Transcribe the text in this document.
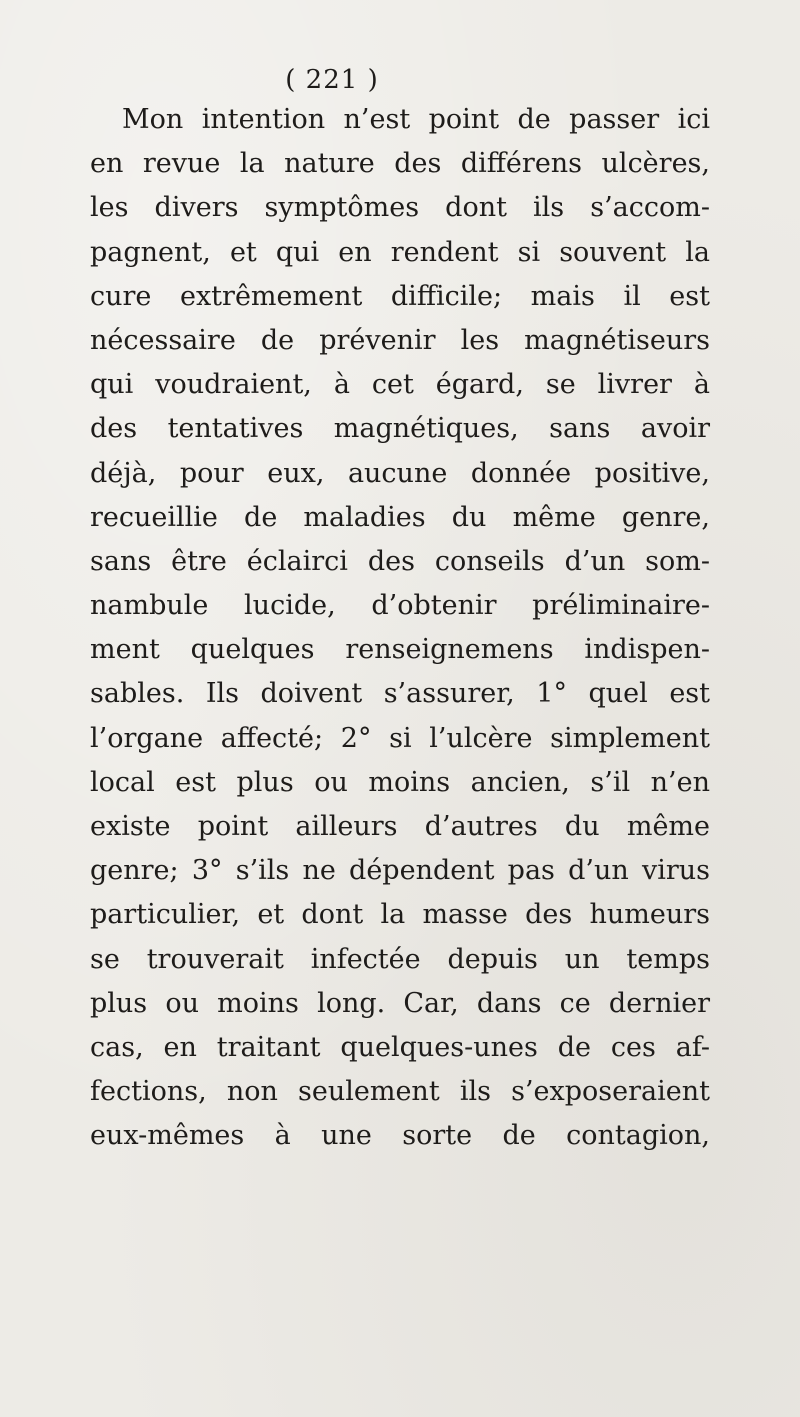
( 221 )
Mon intention n’est point de passer ici
en revue la nature des différens ulcères,
les divers symptômes dont ils s’accom-
pagnent, et qui en rendent si souvent la
cure extrêmement difficile; mais il est
nécessaire de prévenir les magnétiseurs
qui voudraient, à cet égard, se livrer à
des tentatives magnétiques, sans avoir
déjà, pour eux, aucune donnée positive,
recueillie de maladies du même genre,
sans être éclairci des conseils d’un som-
nambule lucide, d’obtenir préliminaire-
ment quelques renseignemens indispen-
sables. Ils doivent s’assurer, 1° quel est
l’organe affecté; 2° si l’ulcère simplement
local est plus ou moins ancien, s’il n’en
existe point ailleurs d’autres du même
genre; 3° s’ils ne dépendent pas d’un virus
particulier, et dont la masse des humeurs
se trouverait infectée depuis un temps
plus ou moins long. Car, dans ce dernier
cas, en traitant quelques-unes de ces af-
fections, non seulement ils s’exposeraient
eux-mêmes à une sorte de contagion,
